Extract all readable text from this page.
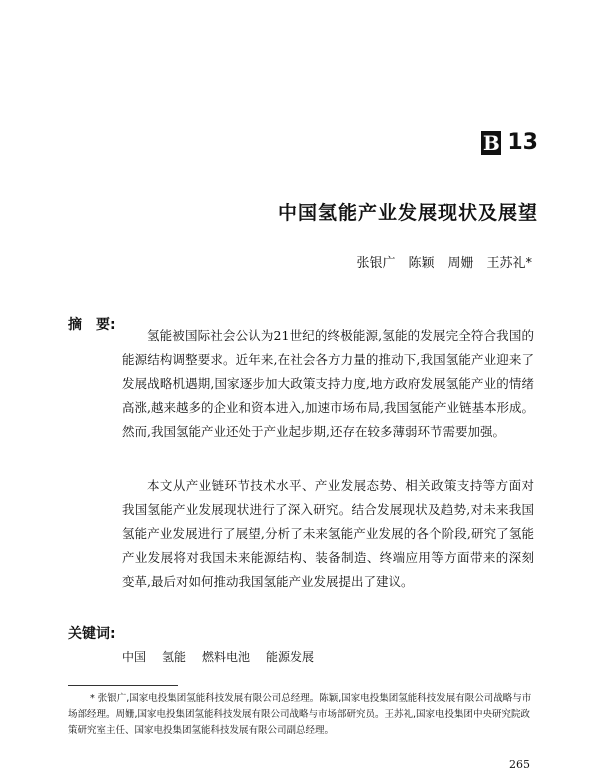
B 13
中国氢能产业发展现状及展望
张银广　陈颖　周姗　王苏礼*
摘　要:

氢能被国际社会公认为21世纪的终极能源,氢能的发展完全符合我国的能源结构调整要求。近年来,在社会各方力量的推动下,我国氢能产业迎来了发展战略机遇期,国家逐步加大政策支持力度,地方政府发展氢能产业的情绪高涨,越来越多的企业和资本进入,加速市场布局,我国氢能产业链基本形成。然而,我国氢能产业还处于产业起步期,还存在较多薄弱环节需要加强。

本文从产业链环节技术水平、产业发展态势、相关政策支持等方面对我国氢能产业发展现状进行了深入研究。结合发展现状及趋势,对未来我国氢能产业发展进行了展望,分析了未来氢能产业发展的各个阶段,研究了氢能产业发展将对我国未来能源结构、装备制造、终端应用等方面带来的深刻变革,最后对如何推动我国氢能产业发展提出了建议。

关键词:
中国 氢能 燃料电池 能源发展

* 张银广,国家电投集团氢能科技发展有限公司总经理。陈颖,国家电投集团氢能科技发展有限公司战略与市场部经理。周姗,国家电投集团氢能科技发展有限公司战略与市场部研究员。王苏礼,国家电投集团中央研究院政策研究室主任、国家电投集团氢能科技发展有限公司副总经理。

265
